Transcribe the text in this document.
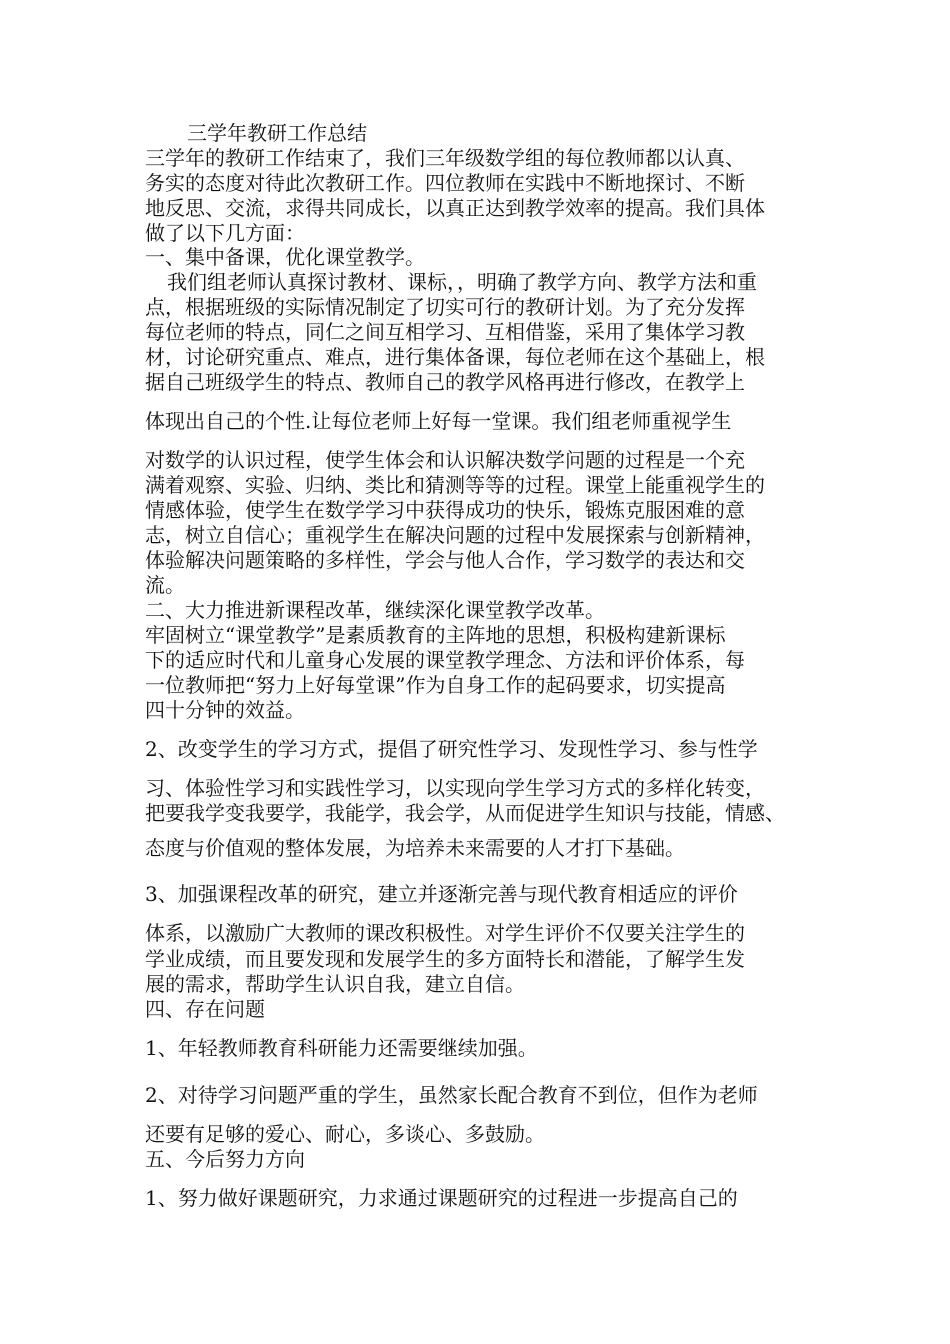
三学年教研工作总结
三学年的教研工作结束了，我们三年级数学组的每位教师都以认真、
务实的态度对待此次教研工作。四位教师在实践中不断地探讨、不断
地反思、交流，求得共同成长，以真正达到教学效率的提高。我们具体
做了以下几方面：
一、集中备课，优化课堂教学。
我们组老师认真探讨教材、课标，，明确了教学方向、教学方法和重
点，根据班级的实际情况制定了切实可行的教研计划。为了充分发挥
每位老师的特点，同仁之间互相学习、互相借鉴，采用了集体学习教
材，讨论研究重点、难点，进行集体备课，每位老师在这个基础上，根
据自己班级学生的特点、教师自己的教学风格再进行修改，在教学上
体现出自己的个性.让每位老师上好每一堂课。我们组老师重视学生
对数学的认识过程，使学生体会和认识解决数学问题的过程是一个充
满着观察、实验、归纳、类比和猜测等等的过程。课堂上能重视学生的
情感体验，使学生在数学学习中获得成功的快乐，锻炼克服困难的意
志，树立自信心；重视学生在解决问题的过程中发展探索与创新精神，
体验解决问题策略的多样性，学会与他人合作，学习数学的表达和交
流。
二、大力推进新课程改革，继续深化课堂教学改革。
牢固树立“课堂教学”是素质教育的主阵地的思想，积极构建新课标
下的适应时代和儿童身心发展的课堂教学理念、方法和评价体系，每
一位教师把“努力上好每堂课”作为自身工作的起码要求，切实提高
四十分钟的效益。
2、改变学生的学习方式，提倡了研究性学习、发现性学习、参与性学
习、体验性学习和实践性学习，以实现向学生学习方式的多样化转变，
把要我学变我要学，我能学，我会学，从而促进学生知识与技能，情感、
态度与价值观的整体发展，为培养未来需要的人才打下基础。
3、加强课程改革的研究，建立并逐渐完善与现代教育相适应的评价
体系，以激励广大教师的课改积极性。对学生评价不仅要关注学生的
学业成绩，而且要发现和发展学生的多方面特长和潜能，了解学生发
展的需求，帮助学生认识自我，建立自信。
四、存在问题
1、年轻教师教育科研能力还需要继续加强。
2、对待学习问题严重的学生，虽然家长配合教育不到位，但作为老师
还要有足够的爱心、耐心，多谈心、多鼓励。
五、今后努力方向
1、努力做好课题研究，力求通过课题研究的过程进一步提高自己的
